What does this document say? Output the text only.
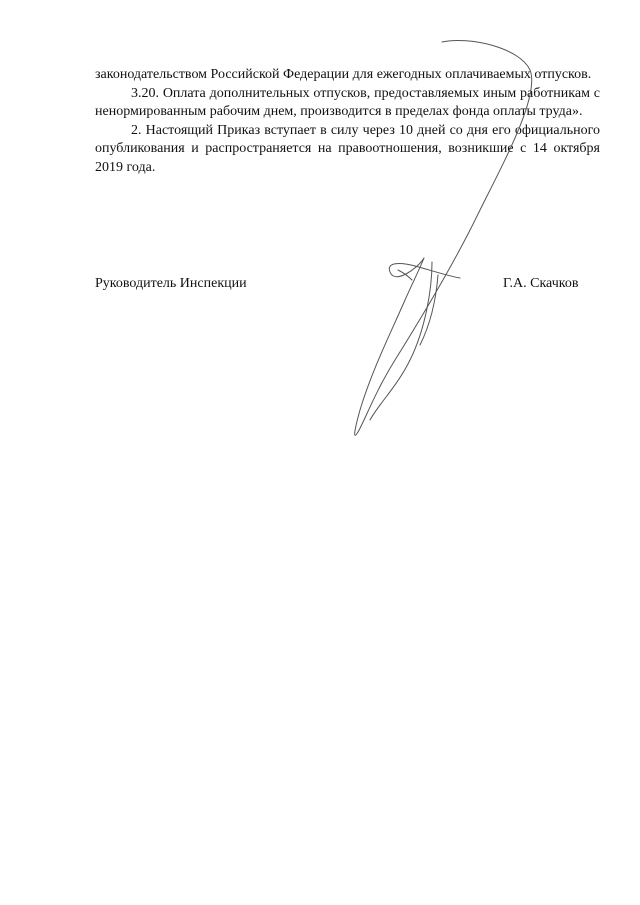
законодательством Российской Федерации для ежегодных оплачиваемых отпусков.

3.20. Оплата дополнительных отпусков, предоставляемых иным работникам с ненормированным рабочим днем, производится в пределах фонда оплаты труда».

2. Настоящий Приказ вступает в силу через 10 дней со дня его официального опубликования и распространяется на правоотношения, возникшие с 14 октября 2019 года.

Руководитель Инспекции	Г.А. Скачков
